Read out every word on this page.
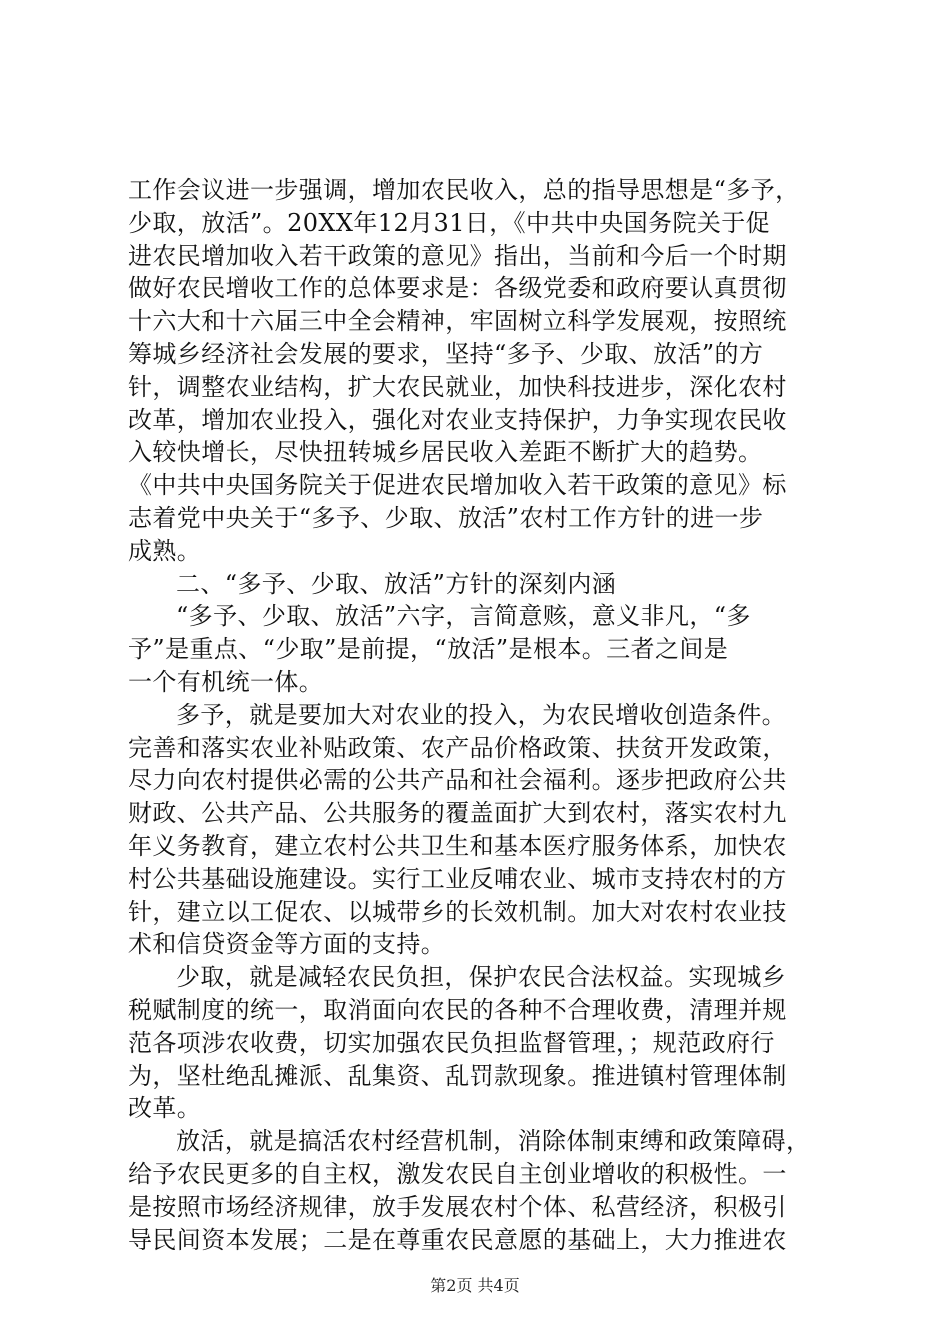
工作会议进一步强调，增加农民收入，总的指导思想是“多予，
少取，放活”。20XX年12月31日，《中共中央国务院关于促
进农民增加收入若干政策的意见》指出，当前和今后一个时期
做好农民增收工作的总体要求是：各级党委和政府要认真贯彻
十六大和十六届三中全会精神，牢固树立科学发展观，按照统
筹城乡经济社会发展的要求，坚持“多予、少取、放活”的方
针，调整农业结构，扩大农民就业，加快科技进步，深化农村
改革，增加农业投入，强化对农业支持保护，力争实现农民收
入较快增长，尽快扭转城乡居民收入差距不断扩大的趋势。
《中共中央国务院关于促进农民增加收入若干政策的意见》标
志着党中央关于“多予、少取、放活”农村工作方针的进一步
成熟。
二、“多予、少取、放活”方针的深刻内涵
“多予、少取、放活”六字，言简意赅，意义非凡，“多
予”是重点、“少取”是前提，“放活”是根本。三者之间是
一个有机统一体。
多予，就是要加大对农业的投入，为农民增收创造条件。
完善和落实农业补贴政策、农产品价格政策、扶贫开发政策，
尽力向农村提供必需的公共产品和社会福利。逐步把政府公共
财政、公共产品、公共服务的覆盖面扩大到农村，落实农村九
年义务教育，建立农村公共卫生和基本医疗服务体系，加快农
村公共基础设施建设。实行工业反哺农业、城市支持农村的方
针，建立以工促农、以城带乡的长效机制。加大对农村农业技
术和信贷资金等方面的支持。
少取，就是减轻农民负担，保护农民合法权益。实现城乡
税赋制度的统一，取消面向农民的各种不合理收费，清理并规
范各项涉农收费，切实加强农民负担监督管理，；规范政府行
为，坚杜绝乱摊派、乱集资、乱罚款现象。推进镇村管理体制
改革。
放活，就是搞活农村经营机制，消除体制束缚和政策障碍，
给予农民更多的自主权，激发农民自主创业增收的积极性。一
是按照市场经济规律，放手发展农村个体、私营经济，积极引
导民间资本发展；二是在尊重农民意愿的基础上，大力推进农
第2页 共4页
